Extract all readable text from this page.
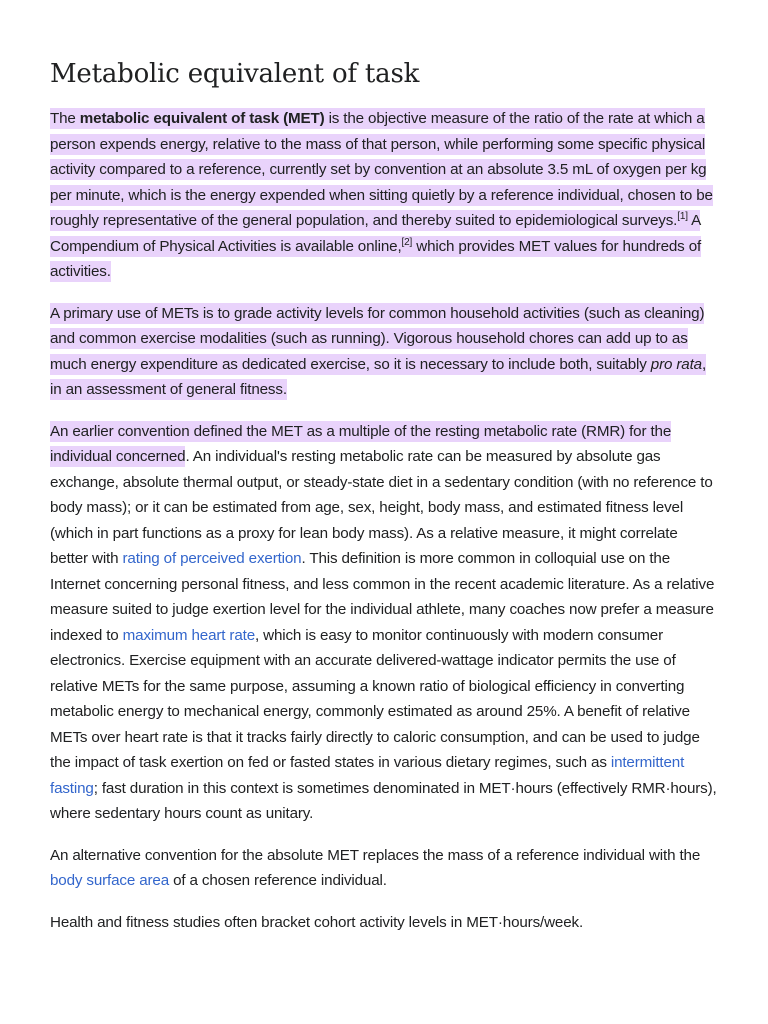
Metabolic equivalent of task

The metabolic equivalent of task (MET) is the objective measure of the ratio of the rate at which a person expends energy, relative to the mass of that person, while performing some specific physical activity compared to a reference, currently set by convention at an absolute 3.5 mL of oxygen per kg per minute, which is the energy expended when sitting quietly by a reference individual, chosen to be roughly representative of the general population, and thereby suited to epidemiological surveys.[1] A Compendium of Physical Activities is available online,[2] which provides MET values for hundreds of activities.

A primary use of METs is to grade activity levels for common household activities (such as cleaning) and common exercise modalities (such as running). Vigorous household chores can add up to as much energy expenditure as dedicated exercise, so it is necessary to include both, suitably pro rata, in an assessment of general fitness.

An earlier convention defined the MET as a multiple of the resting metabolic rate (RMR) for the individual concerned. An individual's resting metabolic rate can be measured by absolute gas exchange, absolute thermal output, or steady-state diet in a sedentary condition (with no reference to body mass); or it can be estimated from age, sex, height, body mass, and estimated fitness level (which in part functions as a proxy for lean body mass). As a relative measure, it might correlate better with rating of perceived exertion. This definition is more common in colloquial use on the Internet concerning personal fitness, and less common in the recent academic literature. As a relative measure suited to judge exertion level for the individual athlete, many coaches now prefer a measure indexed to maximum heart rate, which is easy to monitor continuously with modern consumer electronics. Exercise equipment with an accurate delivered-wattage indicator permits the use of relative METs for the same purpose, assuming a known ratio of biological efficiency in converting metabolic energy to mechanical energy, commonly estimated as around 25%. A benefit of relative METs over heart rate is that it tracks fairly directly to caloric consumption, and can be used to judge the impact of task exertion on fed or fasted states in various dietary regimes, such as intermittent fasting; fast duration in this context is sometimes denominated in MET·hours (effectively RMR·hours), where sedentary hours count as unitary.

An alternative convention for the absolute MET replaces the mass of a reference individual with the body surface area of a chosen reference individual.

Health and fitness studies often bracket cohort activity levels in MET·hours/week.
